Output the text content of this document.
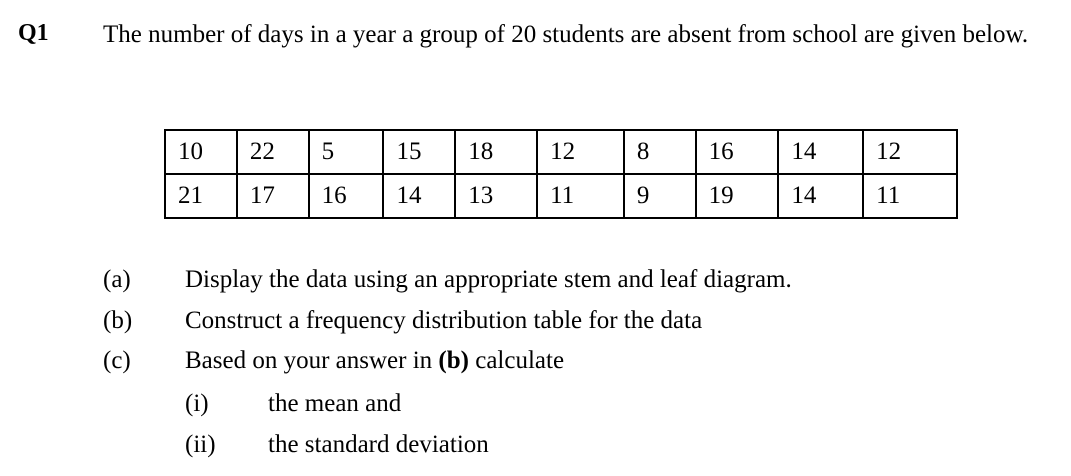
Q1 The number of days in a year a group of 20 students are absent from school are given below.
10	22	5	15	18	12	8	16	14	12
21	17	16	14	13	11	9	19	14	11
(a) Display the data using an appropriate stem and leaf diagram.
(b) Construct a frequency distribution table for the data
(c) Based on your answer in (b) calculate
(i) the mean and
(ii) the standard deviation
